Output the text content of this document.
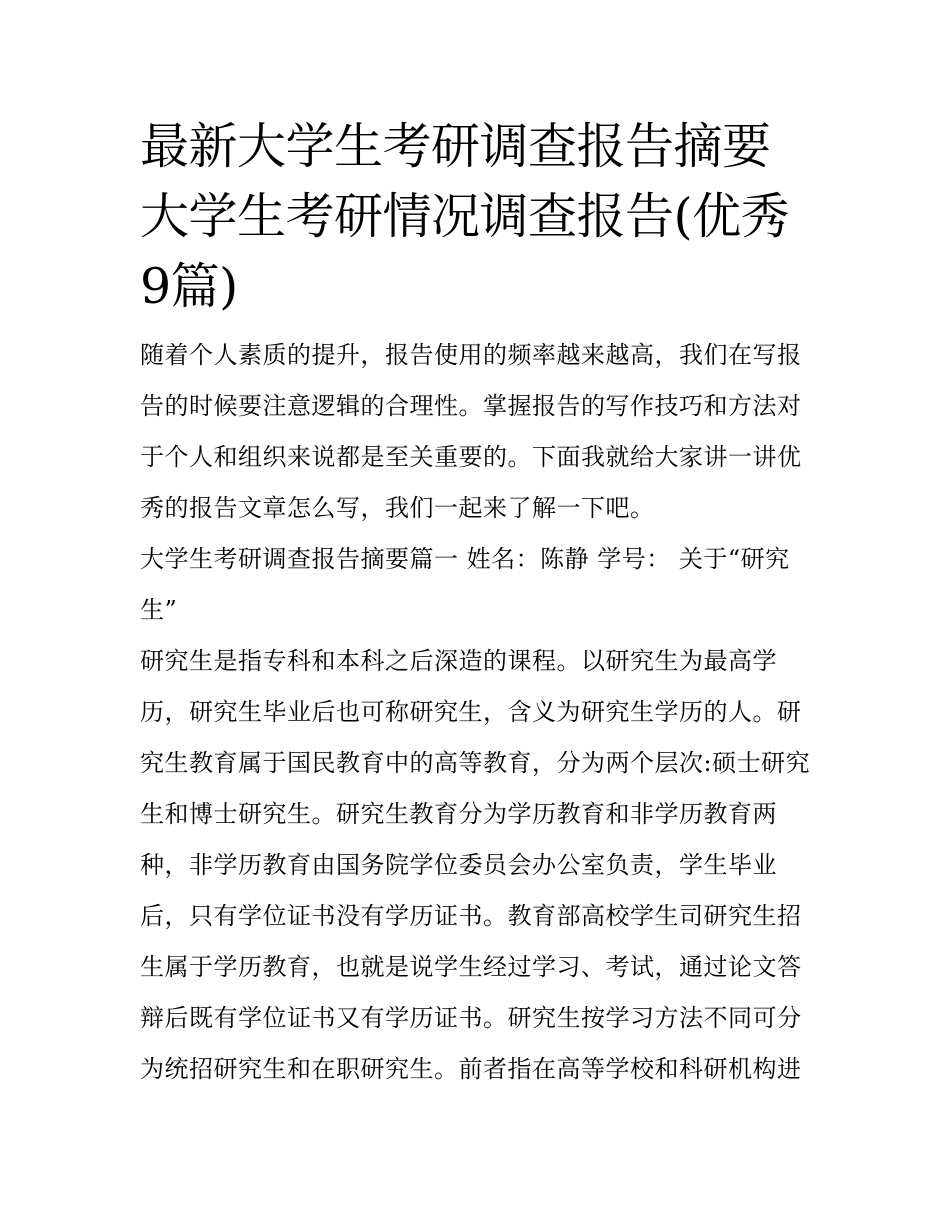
最新大学生考研调查报告摘要 大学生考研情况调查报告(优秀9篇)

随着个人素质的提升，报告使用的频率越来越高，我们在写报告的时候要注意逻辑的合理性。掌握报告的写作技巧和方法对于个人和组织来说都是至关重要的。下面我就给大家讲一讲优秀的报告文章怎么写，我们一起来了解一下吧。

大学生考研调查报告摘要篇一 姓名：陈静 学号： 关于“研究生”

研究生是指专科和本科之后深造的课程。以研究生为最高学历，研究生毕业后也可称研究生，含义为研究生学历的人。研究生教育属于国民教育中的高等教育，分为两个层次:硕士研究生和博士研究生。研究生教育分为学历教育和非学历教育两种，非学历教育由国务院学位委员会办公室负责，学生毕业后，只有学位证书没有学历证书。教育部高校学生司研究生招生属于学历教育，也就是说学生经过学习、考试，通过论文答辩后既有学位证书又有学历证书。研究生按学习方法不同可分为统招研究生和在职研究生。前者指在高等学校和科研机构进
